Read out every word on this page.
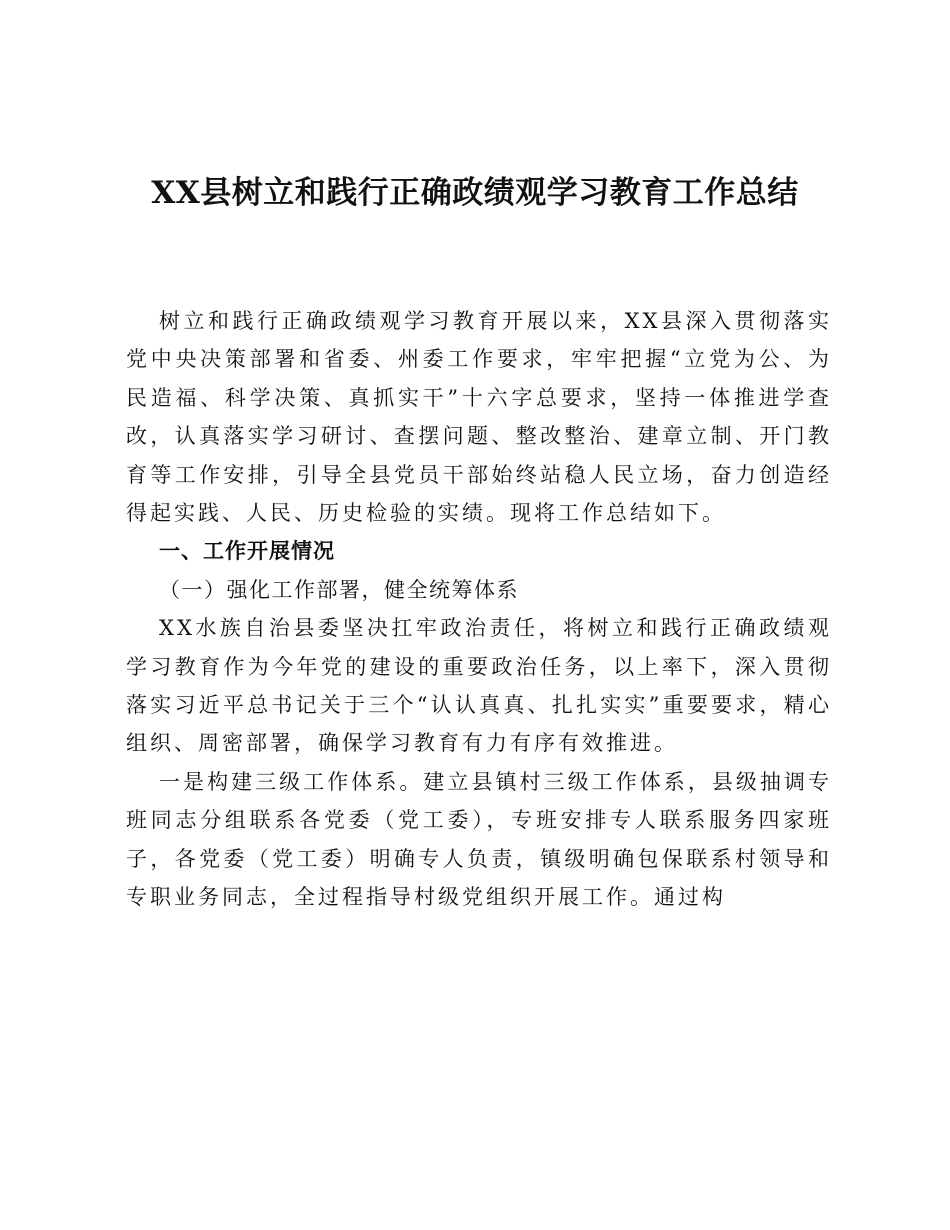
XX县树立和践行正确政绩观学习教育工作总结

树立和践行正确政绩观学习教育开展以来，XX县深入贯彻落实党中央决策部署和省委、州委工作要求，牢牢把握“立党为公、为民造福、科学决策、真抓实干”十六字总要求，坚持一体推进学查改，认真落实学习研讨、查摆问题、整改整治、建章立制、开门教育等工作安排，引导全县党员干部始终站稳人民立场，奋力创造经得起实践、人民、历史检验的实绩。现将工作总结如下。

一、工作开展情况

（一）强化工作部署，健全统筹体系

XX水族自治县委坚决扛牢政治责任，将树立和践行正确政绩观学习教育作为今年党的建设的重要政治任务，以上率下，深入贯彻落实习近平总书记关于三个“认认真真、扎扎实实”重要要求，精心组织、周密部署，确保学习教育有力有序有效推进。

一是构建三级工作体系。建立县镇村三级工作体系，县级抽调专班同志分组联系各党委（党工委），专班安排专人联系服务四家班子，各党委（党工委）明确专人负责，镇级明确包保联系村领导和专职业务同志，全过程指导村级党组织开展工作。通过构
